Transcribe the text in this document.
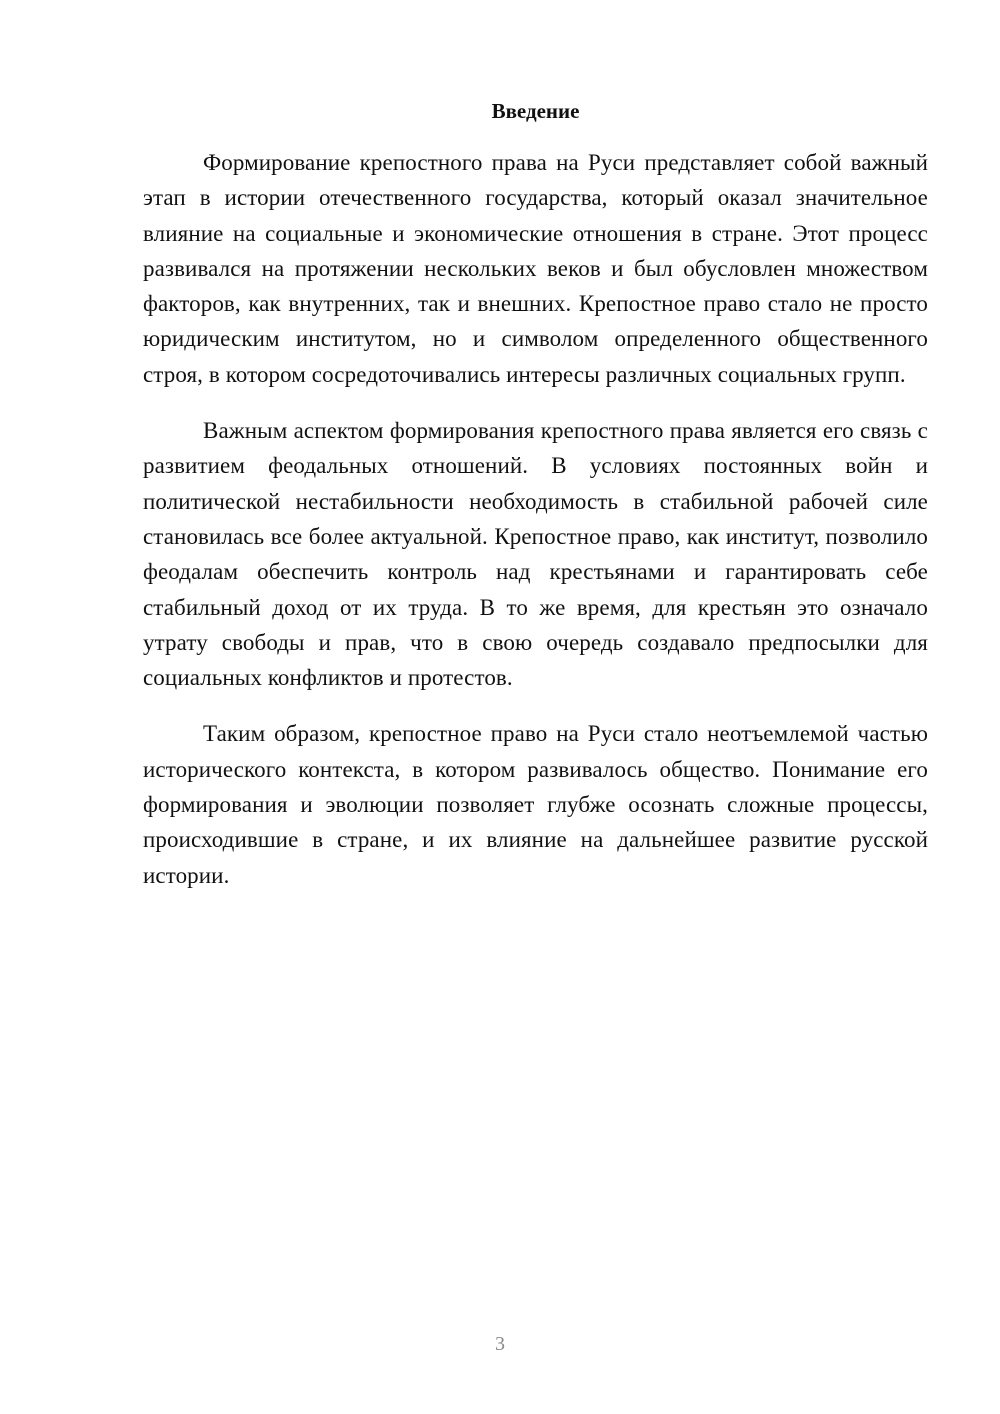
Введение

Формирование крепостного права на Руси представляет собой важный этап в истории отечественного государства, который оказал значительное влияние на социальные и экономические отношения в стране. Этот процесс развивался на протяжении нескольких веков и был обусловлен множеством факторов, как внутренних, так и внешних. Крепостное право стало не просто юридическим институтом, но и символом определенного общественного строя, в котором сосредоточивались интересы различных социальных групп.

Важным аспектом формирования крепостного права является его связь с развитием феодальных отношений. В условиях постоянных войн и политической нестабильности необходимость в стабильной рабочей силе становилась все более актуальной. Крепостное право, как институт, позволило феодалам обеспечить контроль над крестьянами и гарантировать себе стабильный доход от их труда. В то же время, для крестьян это означало утрату свободы и прав, что в свою очередь создавало предпосылки для социальных конфликтов и протестов.

Таким образом, крепостное право на Руси стало неотъемлемой частью исторического контекста, в котором развивалось общество. Понимание его формирования и эволюции позволяет глубже осознать сложные процессы, происходившие в стране, и их влияние на дальнейшее развитие русской истории.

3
